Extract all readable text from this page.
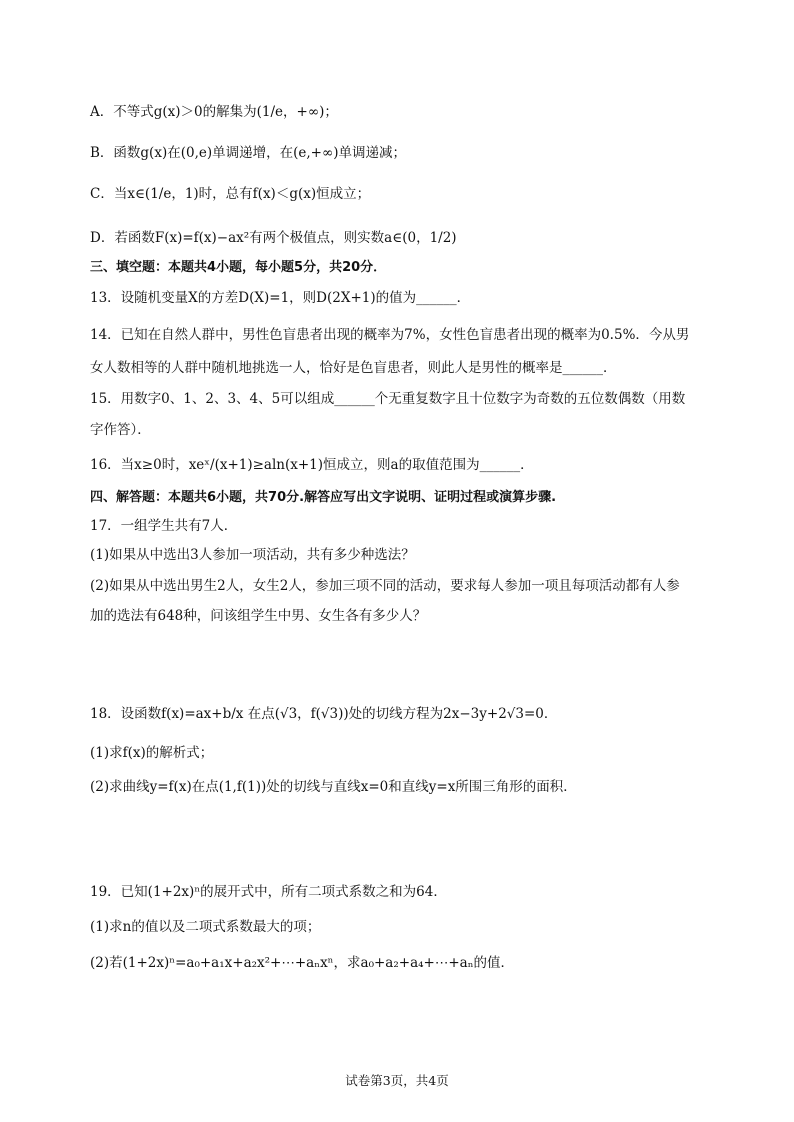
A．不等式g(x)＞0的解集为(1/e，+∞)；
B．函数g(x)在(0,e)单调递增，在(e,+∞)单调递减；
C．当x∈(1/e，1)时，总有f(x)＜g(x)恒成立；
D．若函数F(x)=f(x)−ax²有两个极值点，则实数a∈(0，1/2)
三、填空题：本题共4小题，每小题5分，共20分．
13．设随机变量X的方差D(X)=1，则D(2X+1)的值为______．
14．已知在自然人群中，男性色盲患者出现的概率为7%，女性色盲患者出现的概率为0.5%．今从男
女人数相等的人群中随机地挑选一人，恰好是色盲患者，则此人是男性的概率是______．
15．用数字0、1、2、3、4、5可以组成______个无重复数字且十位数字为奇数的五位数偶数（用数
字作答）．
16．当x≥0时，xeˣ/(x+1)≥aln(x+1)恒成立，则a的取值范围为______．
四、解答题：本题共6小题，共70分.解答应写出文字说明、证明过程或演算步骤.
17．一组学生共有7人．
(1)如果从中选出3人参加一项活动，共有多少种选法？
(2)如果从中选出男生2人，女生2人，参加三项不同的活动，要求每人参加一项且每项活动都有人参
加的选法有648种，问该组学生中男、女生各有多少人？
18．设函数f(x)=ax+b/x 在点(√3，f(√3))处的切线方程为2x−3y+2√3=0．
(1)求f(x)的解析式；
(2)求曲线y=f(x)在点(1,f(1))处的切线与直线x=0和直线y=x所围三角形的面积．
19．已知(1+2x)ⁿ的展开式中，所有二项式系数之和为64．
(1)求n的值以及二项式系数最大的项；
(2)若(1+2x)ⁿ=a₀+a₁x+a₂x²+⋯+aₙxⁿ，求a₀+a₂+a₄+⋯+aₙ的值．
试卷第3页，共4页
